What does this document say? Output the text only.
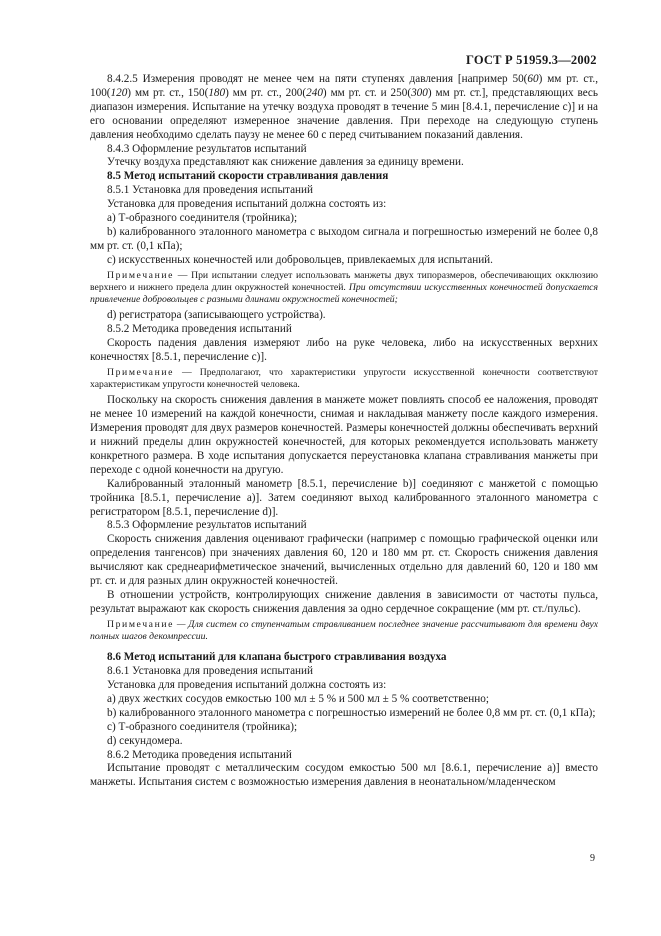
ГОСТ Р 51959.3—2002

8.4.2.5 Измерения проводят не менее чем на пяти ступенях давления [например 50(60) мм рт. ст., 100(120) мм рт. ст., 150(180) мм рт. ст., 200(240) мм рт. ст. и 250(300) мм рт. ст.], представляющих весь диапазон измерения. Испытание на утечку воздуха проводят в течение 5 мин [8.4.1, перечисление с)] и на его основании определяют измеренное значение давления. При переходе на следующую ступень давления необходимо сделать паузу не менее 60 с перед считыванием показаний давления.

8.4.3 Оформление результатов испытаний

Утечку воздуха представляют как снижение давления за единицу времени.

8.5 Метод испытаний скорости стравливания давления

8.5.1 Установка для проведения испытаний

Установка для проведения испытаний должна состоять из:

a) Т-образного соединителя (тройника);

b) калиброванного эталонного манометра с выходом сигнала и погрешностью измерений не более 0,8 мм рт. ст. (0,1 кПа);

c) искусственных конечностей или добровольцев, привлекаемых для испытаний.

Примечание — При испытании следует использовать манжеты двух типоразмеров, обеспечивающих окклюзию верхнего и нижнего предела длин окружностей конечностей. При отсутствии искусственных конечностей допускается привлечение добровольцев с разными длинами окружностей конечностей;

d) регистратора (записывающего устройства).

8.5.2 Методика проведения испытаний

Скорость падения давления измеряют либо на руке человека, либо на искусственных верхних конечностях [8.5.1, перечисление с)].

Примечание — Предполагают, что характеристики упругости искусственной конечности соответствуют характеристикам упругости конечностей человека.

Поскольку на скорость снижения давления в манжете может повлиять способ ее наложения, проводят не менее 10 измерений на каждой конечности, снимая и накладывая манжету после каждого измерения. Измерения проводят для двух размеров конечностей. Размеры конечностей должны обеспечивать верхний и нижний пределы длин окружностей конечностей, для которых рекомендуется использовать манжету конкретного размера. В ходе испытания допускается переустановка клапана стравливания манжеты при переходе с одной конечности на другую.

Калиброванный эталонный манометр [8.5.1, перечисление b)] соединяют с манжетой с помощью тройника [8.5.1, перечисление а)]. Затем соединяют выход калиброванного эталонного манометра с регистратором [8.5.1, перечисление d)].

8.5.3 Оформление результатов испытаний

Скорость снижения давления оценивают графически (например с помощью графической оценки или определения тангенсов) при значениях давления 60, 120 и 180 мм рт. ст. Скорость снижения давления вычисляют как среднеарифметическое значений, вычисленных отдельно для давлений 60, 120 и 180 мм рт. ст. и для разных длин окружностей конечностей.

В отношении устройств, контролирующих снижение давления в зависимости от частоты пульса, результат выражают как скорость снижения давления за одно сердечное сокращение (мм рт. ст./пульс).

Примечание — Для систем со ступенчатым стравливанием последнее значение рассчитывают для времени двух полных шагов декомпрессии.

8.6 Метод испытаний для клапана быстрого стравливания воздуха

8.6.1 Установка для проведения испытаний

Установка для проведения испытаний должна состоять из:

a) двух жестких сосудов емкостью 100 мл ± 5 % и 500 мл ± 5 % соответственно;

b) калиброванного эталонного манометра с погрешностью измерений не более 0,8 мм рт. ст. (0,1 кПа);

c) Т-образного соединителя (тройника);

d) секундомера.

8.6.2 Методика проведения испытаний

Испытание проводят с металлическим сосудом емкостью 500 мл [8.6.1, перечисление а)] вместо манжеты. Испытания систем с возможностью измерения давления в неонатальном/младенческом

9
